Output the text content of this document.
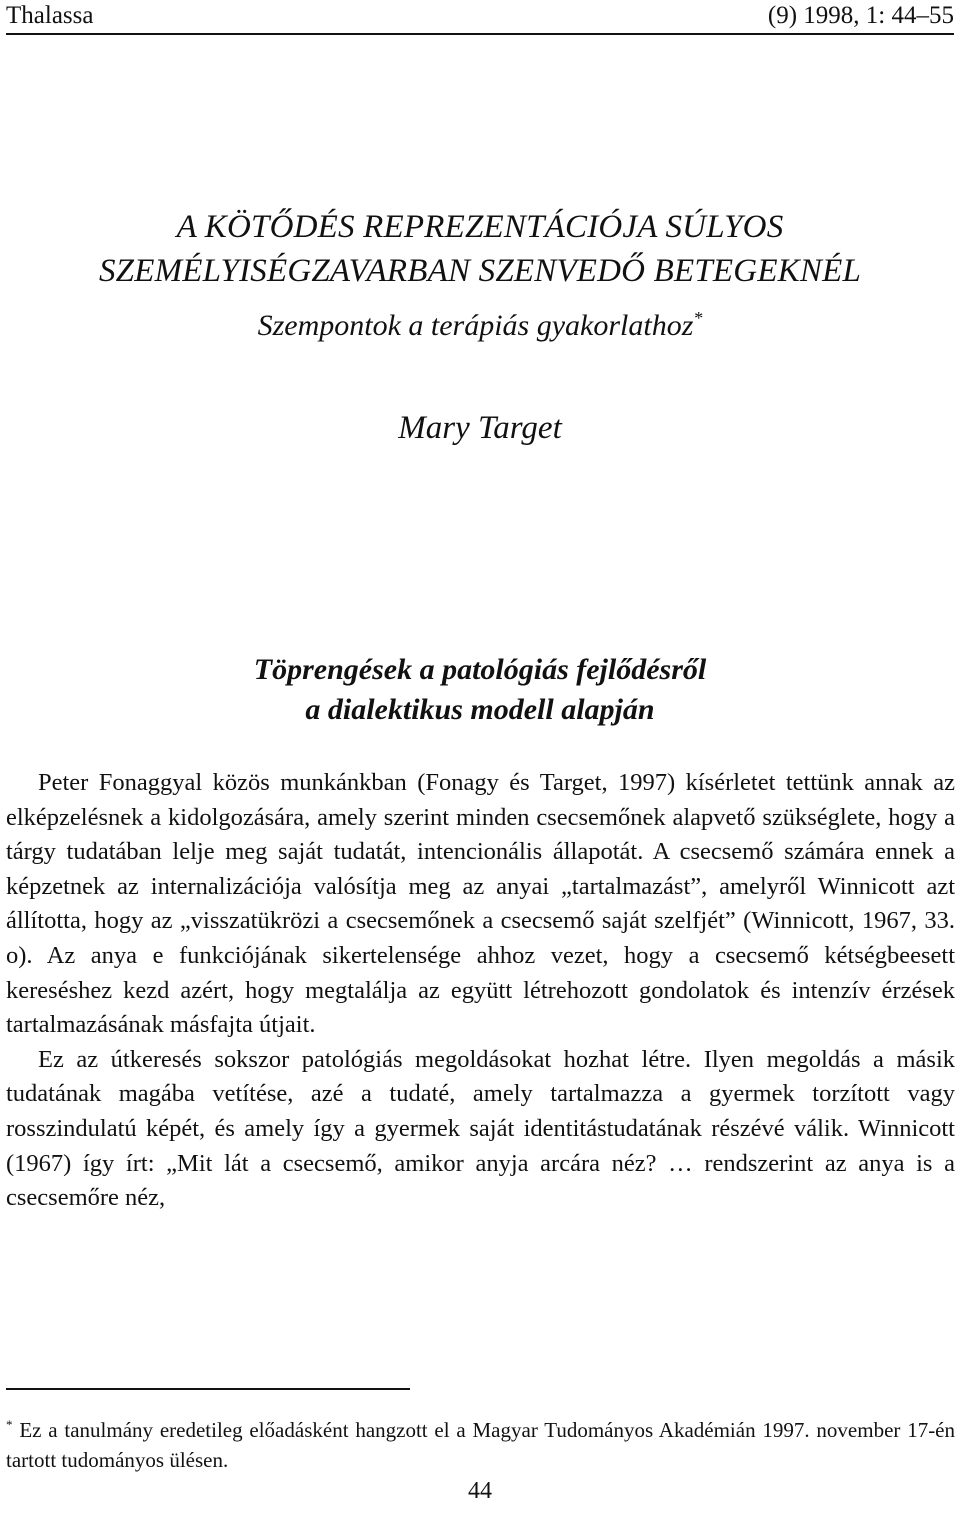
Thalassa	(9) 1998, 1: 44–55
A KÖTŐDÉS REPREZENTÁCIÓJA SÚLYOS
SZEMÉLYISÉGZAVARBAN SZENVEDŐ BETEGEKNÉL
Szempontok a terápiás gyakorlathoz*
Mary Target
Töprengések a patológiás fejlődésről
a dialektikus modell alapján

Peter Fonaggyal közös munkánkban (Fonagy és Target, 1997) kísérletet tettünk annak az elképzelésnek a kidolgozására, amely szerint minden csecsemőnek alapvető szükséglete, hogy a tárgy tudatában lelje meg saját tudatát, intencionális állapotát. A csecsemő számára ennek a képzetnek az internalizációja valósítja meg az anyai „tartalmazást”, amelyről Winnicott azt állította, hogy az „visszatükrözi a csecsemőnek a csecsemő saját szelfjét” (Winnicott, 1967, 33. o). Az anya e funkciójának sikertelensége ahhoz vezet, hogy a csecsemő kétségbeesett kereséshez kezd azért, hogy megtalálja az együtt létrehozott gondolatok és intenzív érzések tartalmazásának másfajta útjait.

Ez az útkeresés sokszor patológiás megoldásokat hozhat létre. Ilyen megoldás a másik tudatának magába vetítése, azé a tudaté, amely tartalmazza a gyermek torzított vagy rosszindulatú képét, és amely így a gyermek saját identitástudatának részévé válik. Winnicott (1967) így írt: „Mit lát a csecsemő, amikor anyja arcára néz? … rendszerint az anya is a csecsemőre néz,

* Ez a tanulmány eredetileg előadásként hangzott el a Magyar Tudományos Akadémián 1997. november 17-én tartott tudományos ülésen.
44
